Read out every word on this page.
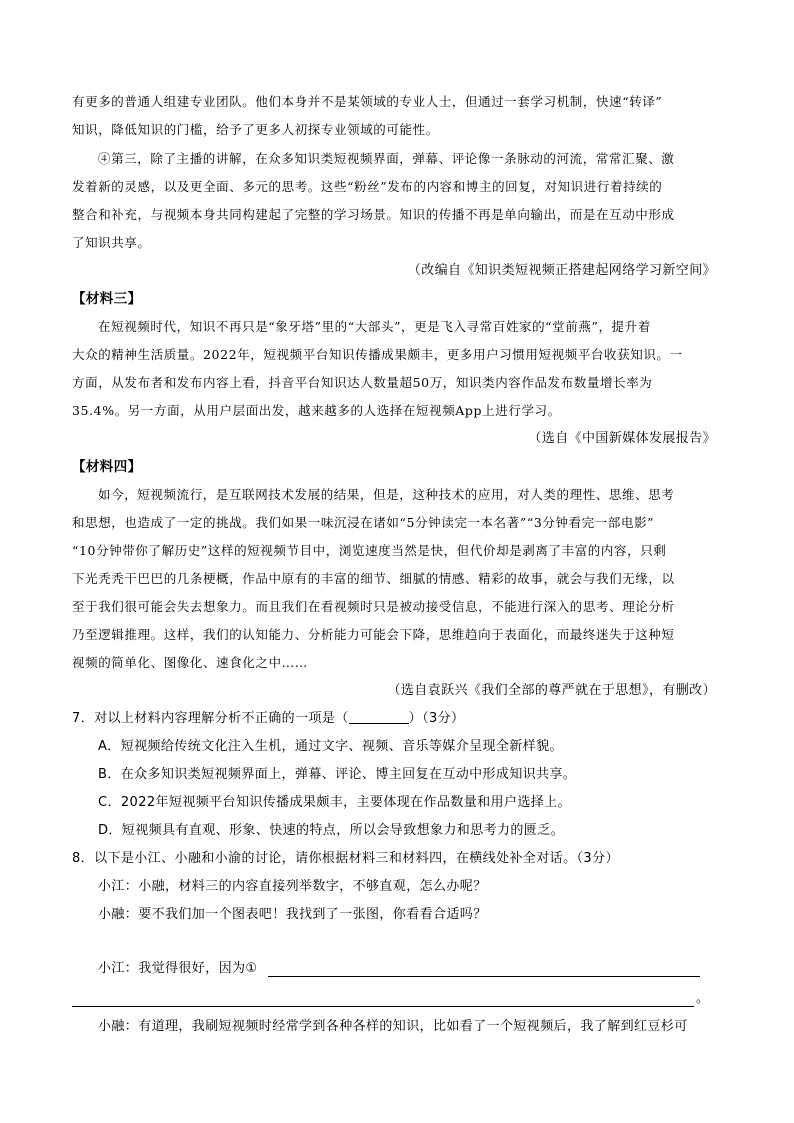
有更多的普通人组建专业团队。他们本身并不是某领域的专业人士，但通过一套学习机制，快速“转译”
知识，降低知识的门槛，给予了更多人初探专业领域的可能性。
④第三，除了主播的讲解，在众多知识类短视频界面，弹幕、评论像一条脉动的河流，常常汇聚、激
发着新的灵感，以及更全面、多元的思考。这些“粉丝”发布的内容和博主的回复，对知识进行着持续的
整合和补充，与视频本身共同构建起了完整的学习场景。知识的传播不再是单向输出，而是在互动中形成
了知识共享。
（改编自《知识类短视频正搭建起网络学习新空间》
【材料三】
在短视频时代，知识不再只是“象牙塔”里的“大部头”，更是飞入寻常百姓家的“堂前燕”，提升着
大众的精神生活质量。2022年，短视频平台知识传播成果颇丰，更多用户习惯用短视频平台收获知识。一
方面，从发布者和发布内容上看，抖音平台知识达人数量超50万，知识类内容作品发布数量增长率为
35.4%。另一方面，从用户层面出发，越来越多的人选择在短视频App上进行学习。
（选自《中国新媒体发展报告》
【材料四】
如今，短视频流行，是互联网技术发展的结果，但是，这种技术的应用，对人类的理性、思维、思考
和思想，也造成了一定的挑战。我们如果一味沉浸在诸如“5分钟读完一本名著”“3分钟看完一部电影”
“10分钟带你了解历史”这样的短视频节目中，浏览速度当然是快，但代价却是剥离了丰富的内容，只剩
下光秃秃干巴巴的几条梗概，作品中原有的丰富的细节、细腻的情感、精彩的故事，就会与我们无缘，以
至于我们很可能会失去想象力。而且我们在看视频时只是被动接受信息，不能进行深入的思考、理论分析
乃至逻辑推理。这样，我们的认知能力、分析能力可能会下降，思维趋向于表面化，而最终迷失于这种短
视频的简单化、图像化、速食化之中……
（选自袁跃兴《我们全部的尊严就在于思想》，有删改）
7．对以上材料内容理解分析不正确的一项是（	）（3分）
A．短视频给传统文化注入生机，通过文字、视频、音乐等媒介呈现全新样貌。
B．在众多知识类短视频界面上，弹幕、评论、博主回复在互动中形成知识共享。
C．2022年短视频平台知识传播成果颇丰，主要体现在作品数量和用户选择上。
D．短视频具有直观、形象、快速的特点，所以会导致想象力和思考力的匮乏。
8．以下是小江、小融和小渝的讨论，请你根据材料三和材料四，在横线处补全对话。（3分）
小江：小融，材料三的内容直接列举数字，不够直观，怎么办呢？
小融：要不我们加一个图表吧！我找到了一张图，你看看合适吗？
小江：我觉得很好，因为①
。
小融：有道理，我刷短视频时经常学到各种各样的知识，比如看了一个短视频后，我了解到红豆杉可
